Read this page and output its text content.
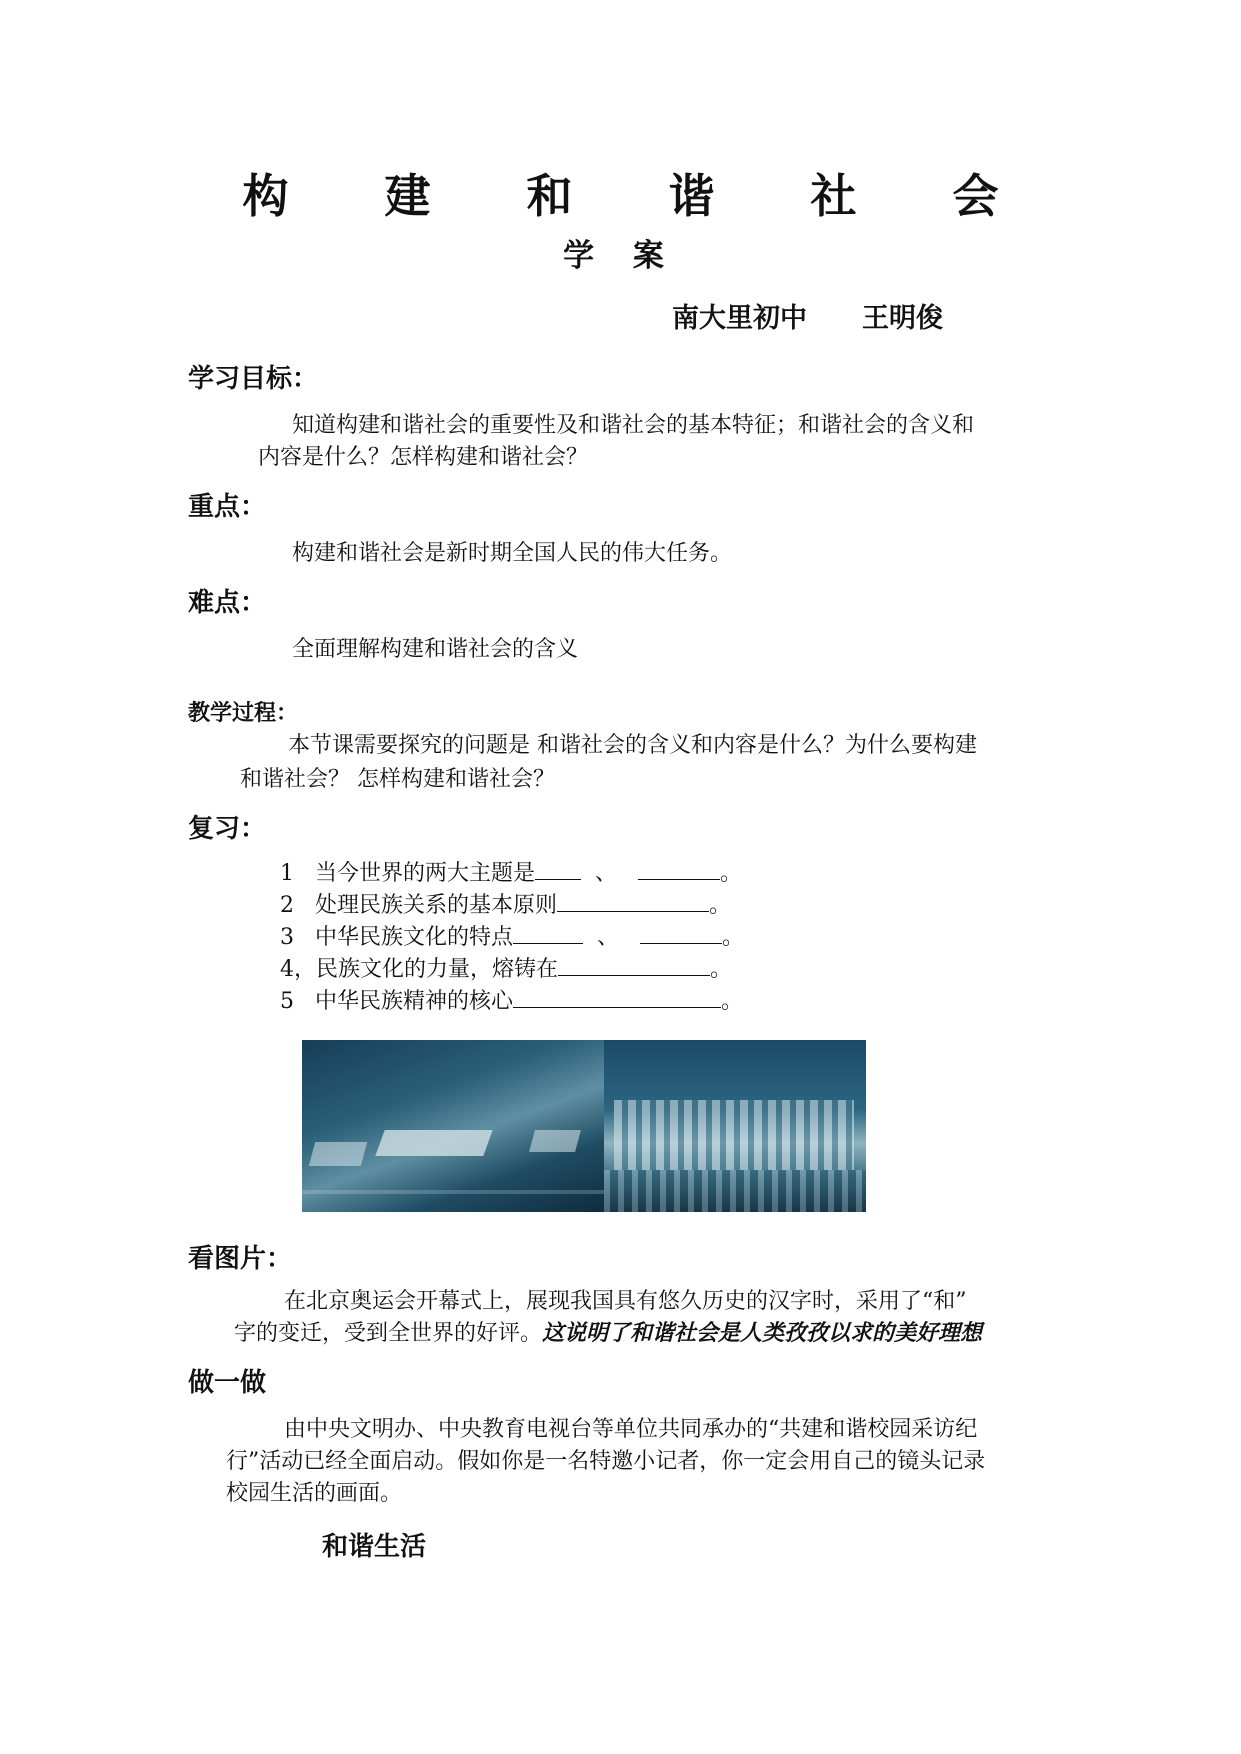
构 建 和 谐 社 会
学 案
南大里初中 王明俊
学习目标：
知道构建和谐社会的重要性及和谐社会的基本特征；和谐社会的含义和
内容是什么？怎样构建和谐社会？
重点：
构建和谐社会是新时期全国人民的伟大任务。
难点：
全面理解构建和谐社会的含义
教学过程：
本节课需要探究的问题是 和谐社会的含义和内容是什么？为什么要构建
和谐社会？ 怎样构建和谐社会？
复习：
1 当今世界的两大主题是	、	。
2 处理民族关系的基本原则	。
3 中华民族文化的特点	、	。
4，民族文化的力量，熔铸在	。
5 中华民族精神的核心	。
看图片：
在北京奥运会开幕式上，展现我国具有悠久历史的汉字时，采用了“和”
字的变迁，受到全世界的好评。这说明了和谐社会是人类孜孜以求的美好理想
做一做
由中央文明办、中央教育电视台等单位共同承办的“共建和谐校园采访纪
行”活动已经全面启动。假如你是一名特邀小记者，你一定会用自己的镜头记录
校园生活的画面。
和谐生活
